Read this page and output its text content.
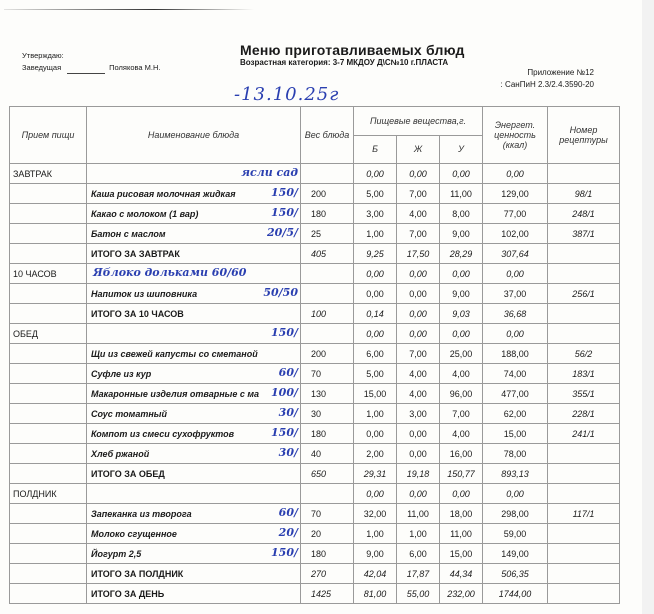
Утверждаю:
Заведущая	Полякова М.Н.
Меню приготавливаемых блюд
Возрастная категория: 3-7 МКДОУ Д\С№10 г.ПЛАСТА
Приложение №12
: СанПиН 2.3/2.4.3590-20
-13.10.25г
Прием пищи	Наименование блюда	Вес блюда	Пищевые вещества,г.			Энергет. ценность (ккал)	Номер рецептуры
			Б	Ж	У		
ЗАВТРАК	ясли сад		0,00	0,00	0,00	0,00	
	Каша рисовая молочная жидкая 150/	200	5,00	7,00	11,00	129,00	98/1
	Какао с молоком (1 вар) 150/	180	3,00	4,00	8,00	77,00	248/1
	Батон с маслом 20/5/	25	1,00	7,00	9,00	102,00	387/1
	ИТОГО ЗА ЗАВТРАК	405	9,25	17,50	28,29	307,64	
10 ЧАСОВ	Яблоко дольками 60/60		0,00	0,00	0,00	0,00	
	Напиток из шиповника 50/50		0,00	0,00	9,00	37,00	256/1
	ИТОГО ЗА 10 ЧАСОВ	100	0,14	0,00	9,03	36,68	
ОБЕД	150/		0,00	0,00	0,00	0,00	
	Щи из свежей капусты со сметаной	200	6,00	7,00	25,00	188,00	56/2
	Суфле из кур 60/	70	5,00	4,00	4,00	74,00	183/1
	Макаронные изделия отварные с ма 100/	130	15,00	4,00	96,00	477,00	355/1
	Соус томатный 30/	30	1,00	3,00	7,00	62,00	228/1
	Компот из смеси сухофруктов 150/	180	0,00	0,00	4,00	15,00	241/1
	Хлеб ржаной 30/	40	2,00	0,00	16,00	78,00	
	ИТОГО ЗА ОБЕД	650	29,31	19,18	150,77	893,13	
ПОЛДНИК			0,00	0,00	0,00	0,00	
	Запеканка из творога 60/	70	32,00	11,00	18,00	298,00	117/1
	Молоко сгущенное 20/	20	1,00	1,00	11,00	59,00	
	Йогурт 2,5 150/	180	9,00	6,00	15,00	149,00	
	ИТОГО ЗА ПОЛДНИК	270	42,04	17,87	44,34	506,35	
	ИТОГО ЗА ДЕНЬ	1425	81,00	55,00	232,00	1744,00	
